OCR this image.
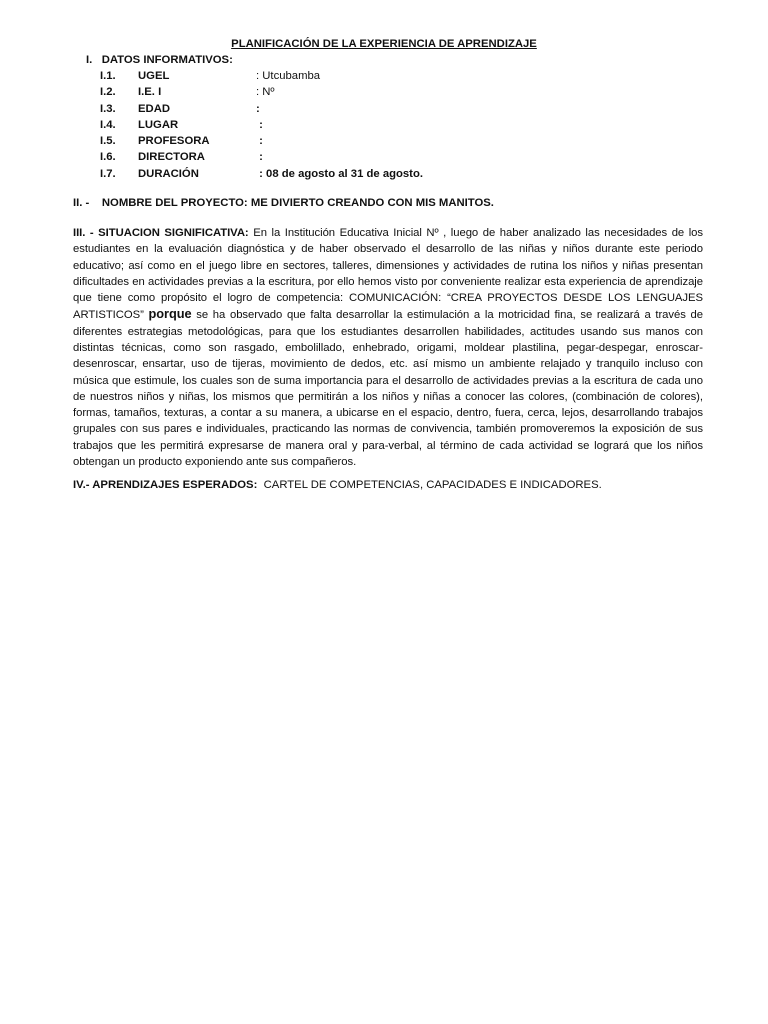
PLANIFICACIÓN DE LA EXPERIENCIA DE APRENDIZAJE
I.   DATOS INFORMATIVOS:
I.1.	UGEL	: Utcubamba
I.2.	I.E. I	: Nº
I.3.	EDAD	:
I.4.	LUGAR	:
I.5.	PROFESORA	:
I.6.	DIRECTORA	:
I.7.	DURACIÓN	: 08 de agosto al 31 de agosto.
II. -    NOMBRE DEL PROYECTO: ME DIVIERTO CREANDO CON MIS MANITOS.
III. - SITUACION SIGNIFICATIVA: En la Institución Educativa Inicial Nº , luego de haber analizado las necesidades de los estudiantes en la evaluación diagnóstica y de haber observado el desarrollo de las niñas y niños durante este periodo educativo; así como en el juego libre en sectores, talleres, dimensiones y actividades de rutina los niños y niñas presentan dificultades en actividades previas a la escritura, por ello hemos visto por conveniente realizar esta experiencia de aprendizaje que tiene como propósito el logro de competencia: COMUNICACIÓN: “CREA PROYECTOS DESDE LOS LENGUAJES ARTISTICOS” porque se ha observado que falta desarrollar la estimulación a la motricidad fina, se realizará a través de diferentes estrategias metodológicas, para que los estudiantes desarrollen habilidades, actitudes usando sus manos con distintas técnicas, como son rasgado, embolillado, enhebrado, origami, moldear plastilina, pegar-despegar, enroscar-desenroscar, ensartar, uso de tijeras, movimiento de dedos, etc. así mismo un ambiente relajado y tranquilo incluso con música que estimule, los cuales son de suma importancia para el desarrollo de actividades previas a la escritura de cada uno de nuestros niños y niñas, los mismos que permitirán a los niños y niñas a conocer las colores, (combinación de colores), formas, tamaños, texturas, a contar a su manera, a ubicarse en el espacio, dentro, fuera, cerca, lejos, desarrollando trabajos grupales con sus pares e individuales, practicando las normas de convivencia, también promoveremos la exposición de sus trabajos que les permitirá expresarse de manera oral y para-verbal, al término de cada actividad se logrará que los niños obtengan un producto exponiendo ante sus compañeros.
IV.- APRENDIZAJES ESPERADOS:  CARTEL DE COMPETENCIAS, CAPACIDADES E INDICADORES.
